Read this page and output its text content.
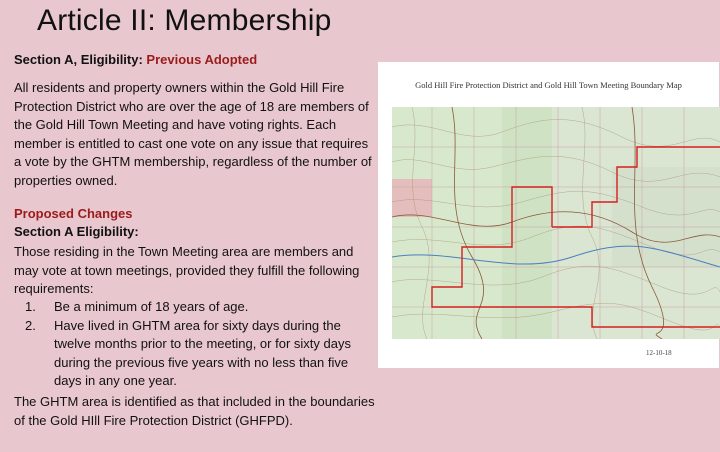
Article II: Membership
Section A, Eligibility: Previous Adopted
All residents and property owners within the Gold Hill Fire Protection District who are over the age of 18 are members of the Gold Hill Town Meeting and have voting rights. Each member is entitled to cast one vote on any issue that requires a vote by the GHTM membership, regardless of the number of properties owned.
Proposed Changes
Section A Eligibility:
Those residing in the Town Meeting area are members and may vote at town meetings, provided they fulfill the following requirements:
1.	Be a minimum of 18 years of age.
2.	Have lived in GHTM area for sixty days during the twelve months prior to the meeting, or for sixty days during the previous five years with no less than five days in any one year.
The GHTM area is identified as that included in the boundaries of the Gold HIll Fire Protection District (GHFPD).
Gold Hill Fire Protection District and Gold Hill Town Meeting Boundary Map
12-10-18
